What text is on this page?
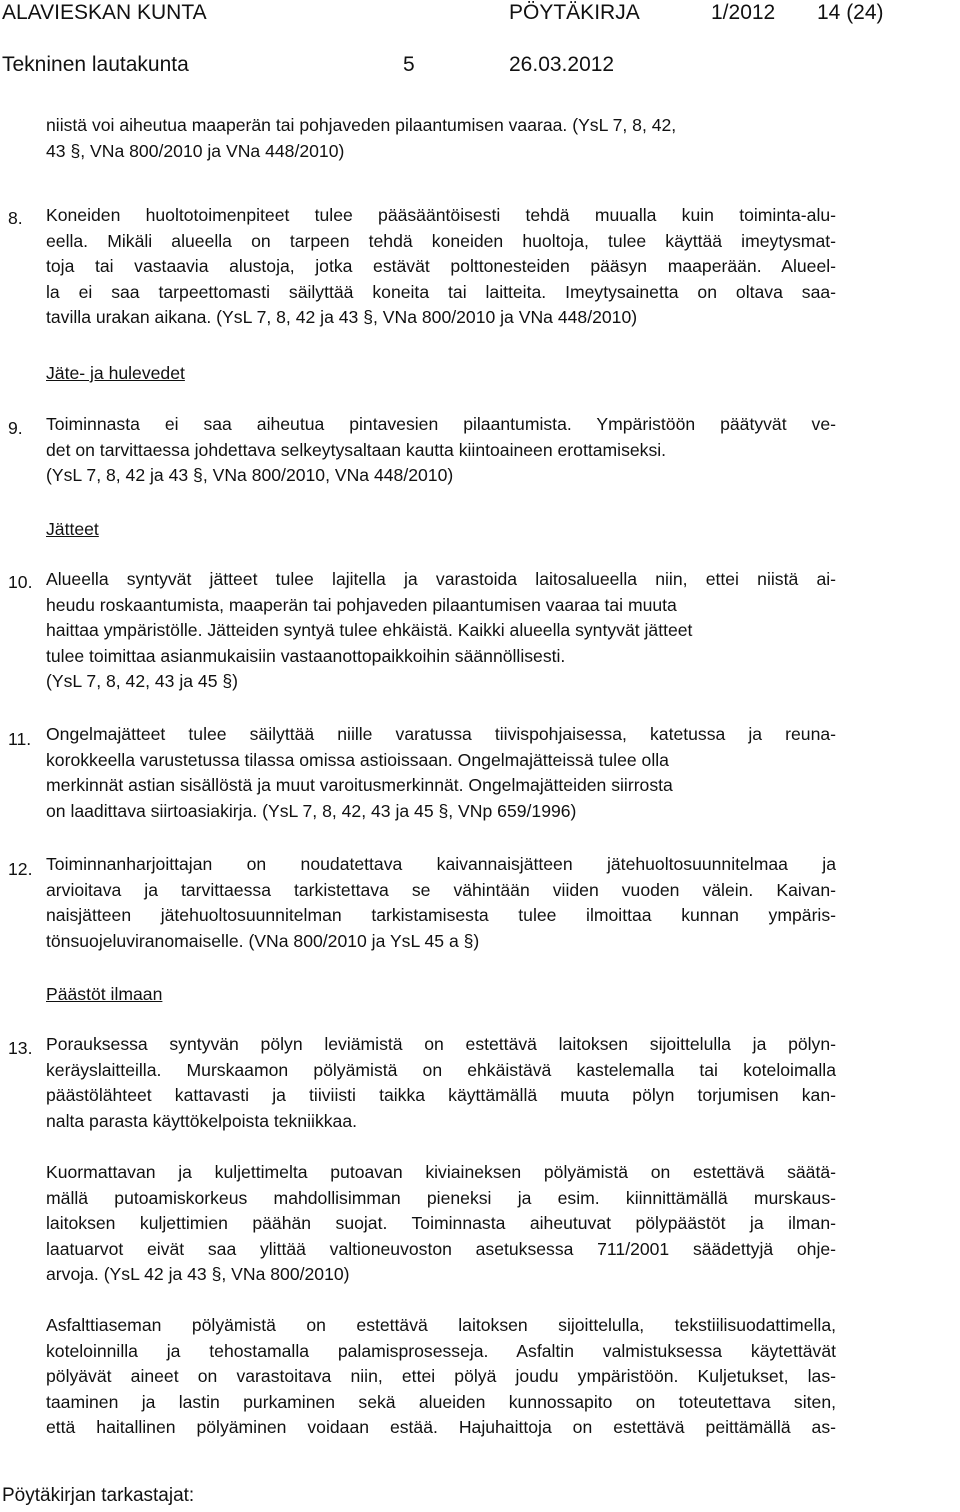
ALAVIESKAN KUNTA	PÖYTÄKIRJA	1/2012 14 (24)
Tekninen lautakunta	5	26.03.2012
niistä voi aiheutua maaperän tai pohjaveden pilaantumisen vaaraa. (YsL 7, 8, 42,
43 §, VNa 800/2010 ja VNa 448/2010)
8. Koneiden huoltotoimenpiteet tulee pääsääntöisesti tehdä muualla kuin toiminta-alu-
eella. Mikäli alueella on tarpeen tehdä koneiden huoltoja, tulee käyttää imeytysmat-
toja tai vastaavia alustoja, jotka estävät polttonesteiden pääsyn maaperään. Alueel-
la ei saa tarpeettomasti säilyttää koneita tai laitteita. Imeytysainetta on oltava saa-
tavilla urakan aikana. (YsL 7, 8, 42 ja 43 §, VNa 800/2010 ja VNa 448/2010)
Jäte- ja hulevedet
9. Toiminnasta ei saa aiheutua pintavesien pilaantumista. Ympäristöön päätyvät ve-
det on tarvittaessa johdettava selkeytysaltaan kautta kiintoaineen erottamiseksi.
(YsL 7, 8, 42 ja 43 §, VNa 800/2010, VNa 448/2010)
Jätteet
10. Alueella syntyvät jätteet tulee lajitella ja varastoida laitosalueella niin, ettei niistä ai-
heudu roskaantumista, maaperän tai pohjaveden pilaantumisen vaaraa tai muuta
haittaa ympäristölle. Jätteiden syntyä tulee ehkäistä. Kaikki alueella syntyvät jätteet
tulee toimittaa asianmukaisiin vastaanottopaikkoihin säännöllisesti.
(YsL 7, 8, 42, 43 ja 45 §)
11. Ongelmajätteet tulee säilyttää niille varatussa tiivispohjaisessa, katetussa ja reuna-
korokkeella varustetussa tilassa omissa astioissaan. Ongelmajätteissä tulee olla
merkinnät astian sisällöstä ja muut varoitusmerkinnät. Ongelmajätteiden siirrosta
on laadittava siirtoasiakirja. (YsL 7, 8, 42, 43 ja 45 §, VNp 659/1996)
12. Toiminnanharjoittajan on noudatettava kaivannaisjätteen jätehuoltosuunnitelmaa ja
arvioitava ja tarvittaessa tarkistettava se vähintään viiden vuoden välein. Kaivan-
naisjätteen jätehuoltosuunnitelman tarkistamisesta tulee ilmoittaa kunnan ympäris-
tönsuojeluviranomaiselle. (VNa 800/2010 ja YsL 45 a §)
Päästöt ilmaan
13. Porauksessa syntyvän pölyn leviämistä on estettävä laitoksen sijoittelulla ja pölyn-
keräyslaitteilla. Murskaamon pölyämistä on ehkäistävä kastelemalla tai koteloimalla
päästölähteet kattavasti ja tiiviisti taikka käyttämällä muuta pölyn torjumisen kan-
nalta parasta käyttökelpoista tekniikkaa.
Kuormattavan ja kuljettimelta putoavan kiviaineksen pölyämistä on estettävä säätä-
mällä putoamiskorkeus mahdollisimman pieneksi ja esim. kiinnittämällä murskaus-
laitoksen kuljettimien päähän suojat. Toiminnasta aiheutuvat pölypäästöt ja ilman-
laatuarvot eivät saa ylittää valtioneuvoston asetuksessa 711/2001 säädettyjä ohje-
arvoja. (YsL 42 ja 43 §, VNa 800/2010)
Asfalttiaseman pölyämistä on estettävä laitoksen sijoittelulla, tekstiilisuodattimella,
koteloinnilla ja tehostamalla palamisprosesseja. Asfaltin valmistuksessa käytettävät
pölyävät aineet on varastoitava niin, ettei pölyä joudu ympäristöön. Kuljetukset, las-
taaminen ja lastin purkaminen sekä alueiden kunnossapito on toteutettava siten,
että haitallinen pölyäminen voidaan estää. Hajuhaittoja on estettävä peittämällä as-
Pöytäkirjan tarkastajat:
